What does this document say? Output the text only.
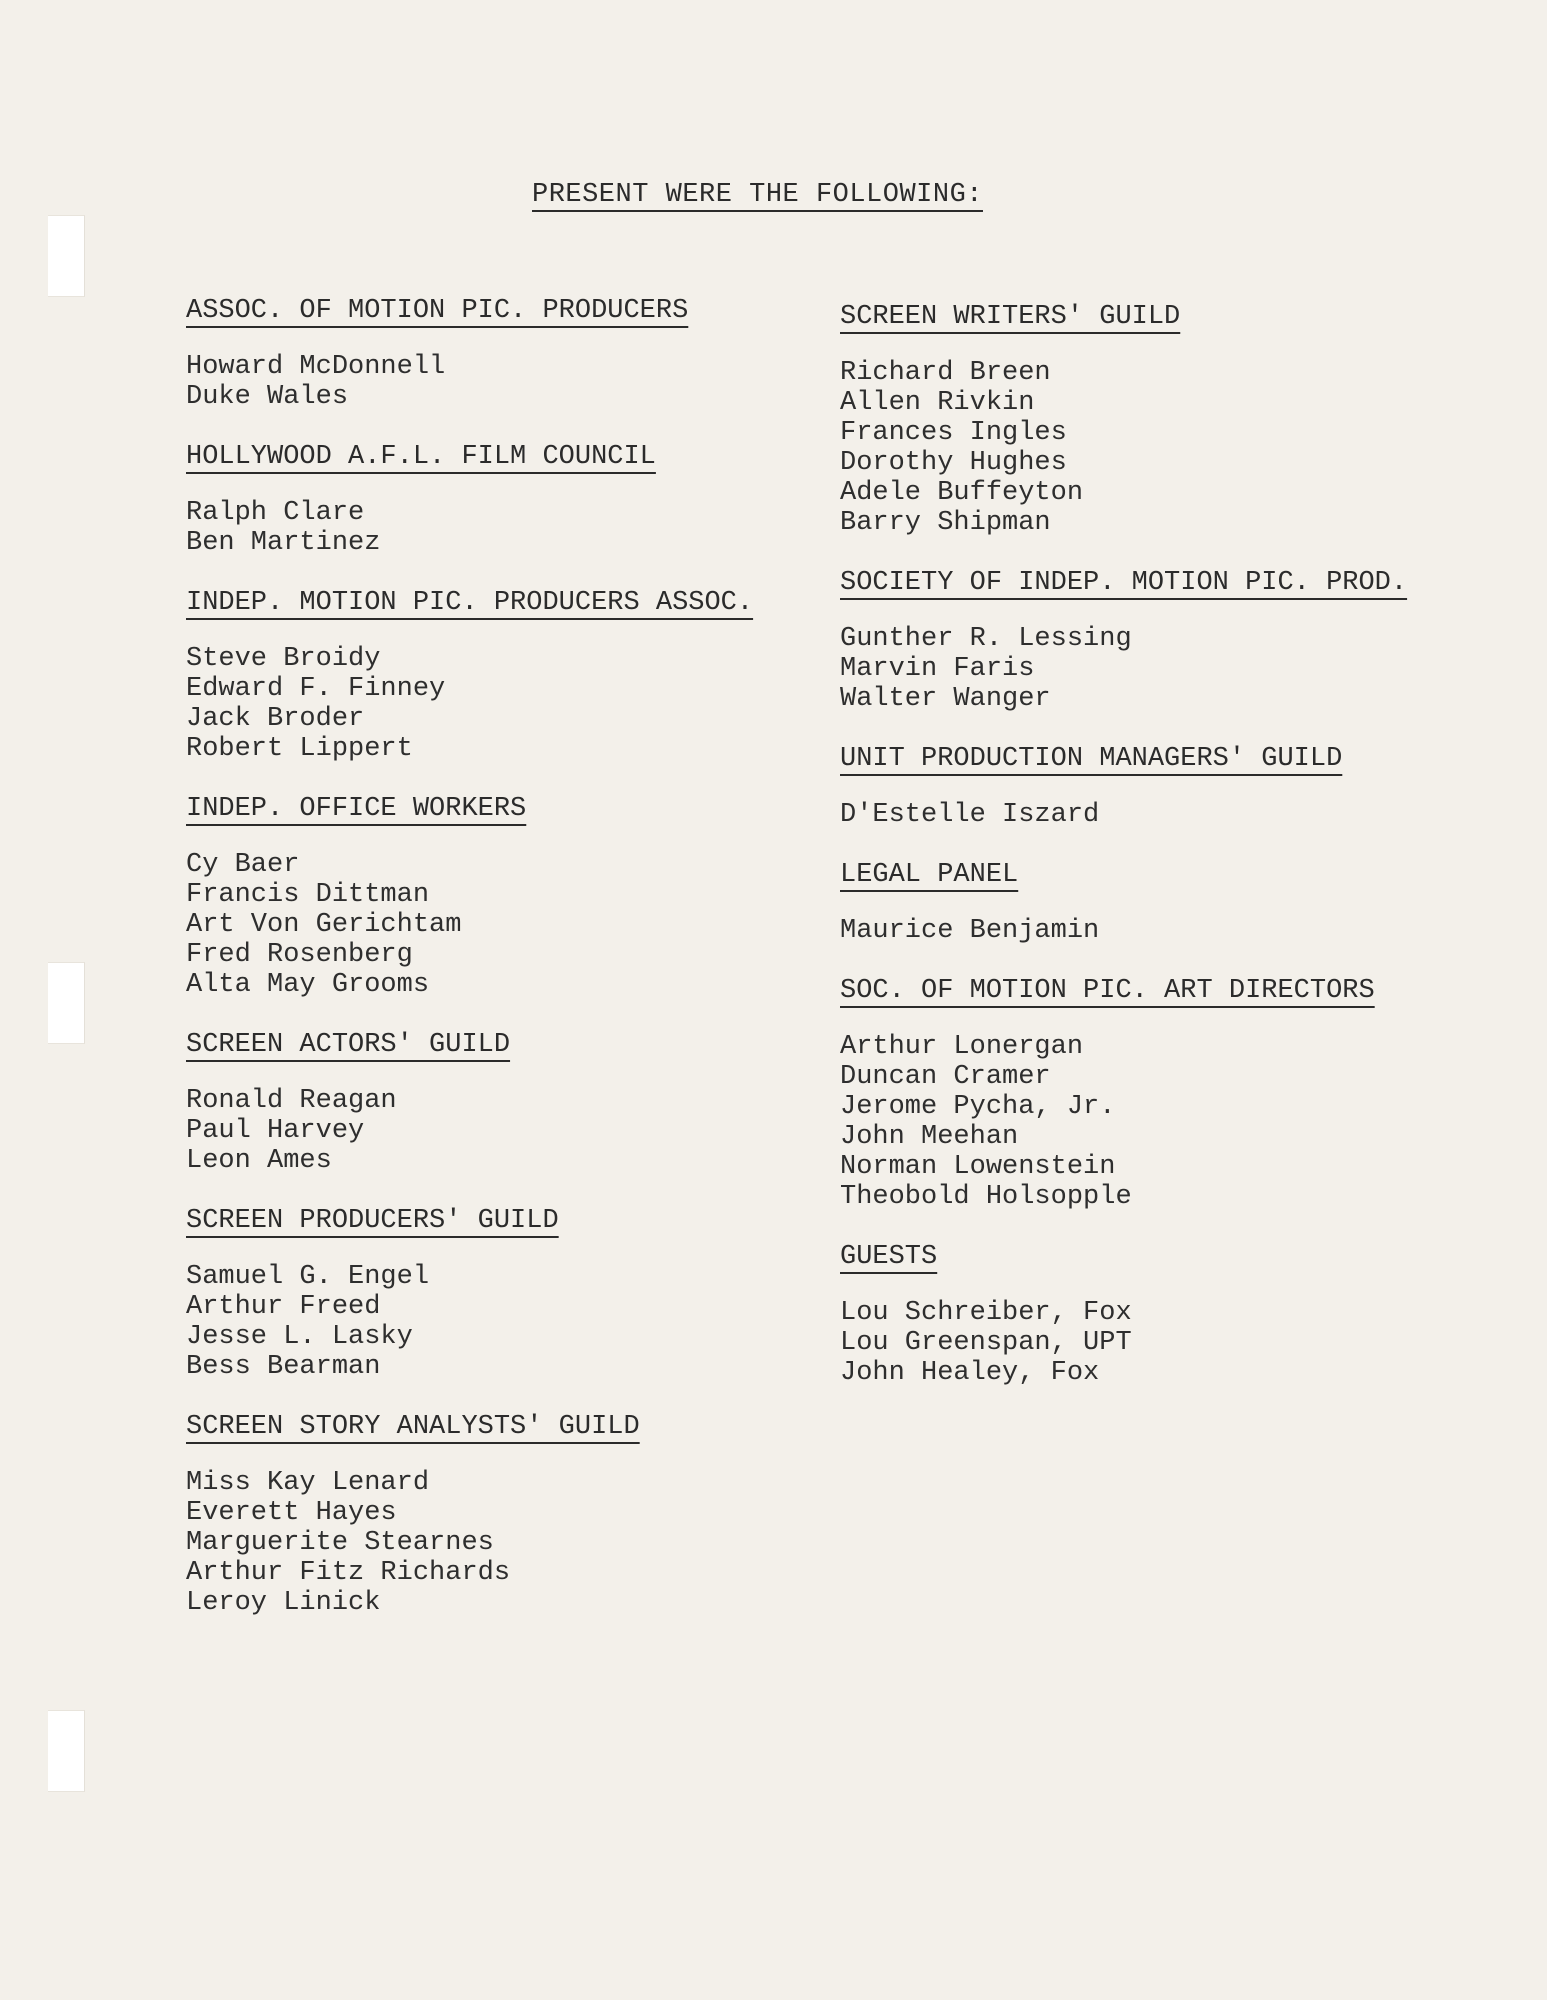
PRESENT WERE THE FOLLOWING:
ASSOC. OF MOTION PIC. PRODUCERS
Howard McDonnell
Duke Wales
HOLLYWOOD A.F.L. FILM COUNCIL
Ralph Clare
Ben Martinez
INDEP. MOTION PIC. PRODUCERS ASSOC.
Steve Broidy
Edward F. Finney
Jack Broder
Robert Lippert
INDEP. OFFICE WORKERS
Cy Baer
Francis Dittman
Art Von Gerichtam
Fred Rosenberg
Alta May Grooms
SCREEN ACTORS' GUILD
Ronald Reagan
Paul Harvey
Leon Ames
SCREEN PRODUCERS' GUILD
Samuel G. Engel
Arthur Freed
Jesse L. Lasky
Bess Bearman
SCREEN STORY ANALYSTS' GUILD
Miss Kay Lenard
Everett Hayes
Marguerite Stearnes
Arthur Fitz Richards
Leroy Linick
SCREEN WRITERS' GUILD
Richard Breen
Allen Rivkin
Frances Ingles
Dorothy Hughes
Adele Buffeyton
Barry Shipman
SOCIETY OF INDEP. MOTION PIC. PROD.
Gunther R. Lessing
Marvin Faris
Walter Wanger
UNIT PRODUCTION MANAGERS' GUILD
D'Estelle Iszard
LEGAL PANEL
Maurice Benjamin
SOC. OF MOTION PIC. ART DIRECTORS
Arthur Lonergan
Duncan Cramer
Jerome Pycha, Jr.
John Meehan
Norman Lowenstein
Theobold Holsopple
GUESTS
Lou Schreiber, Fox
Lou Greenspan, UPT
John Healey, Fox
